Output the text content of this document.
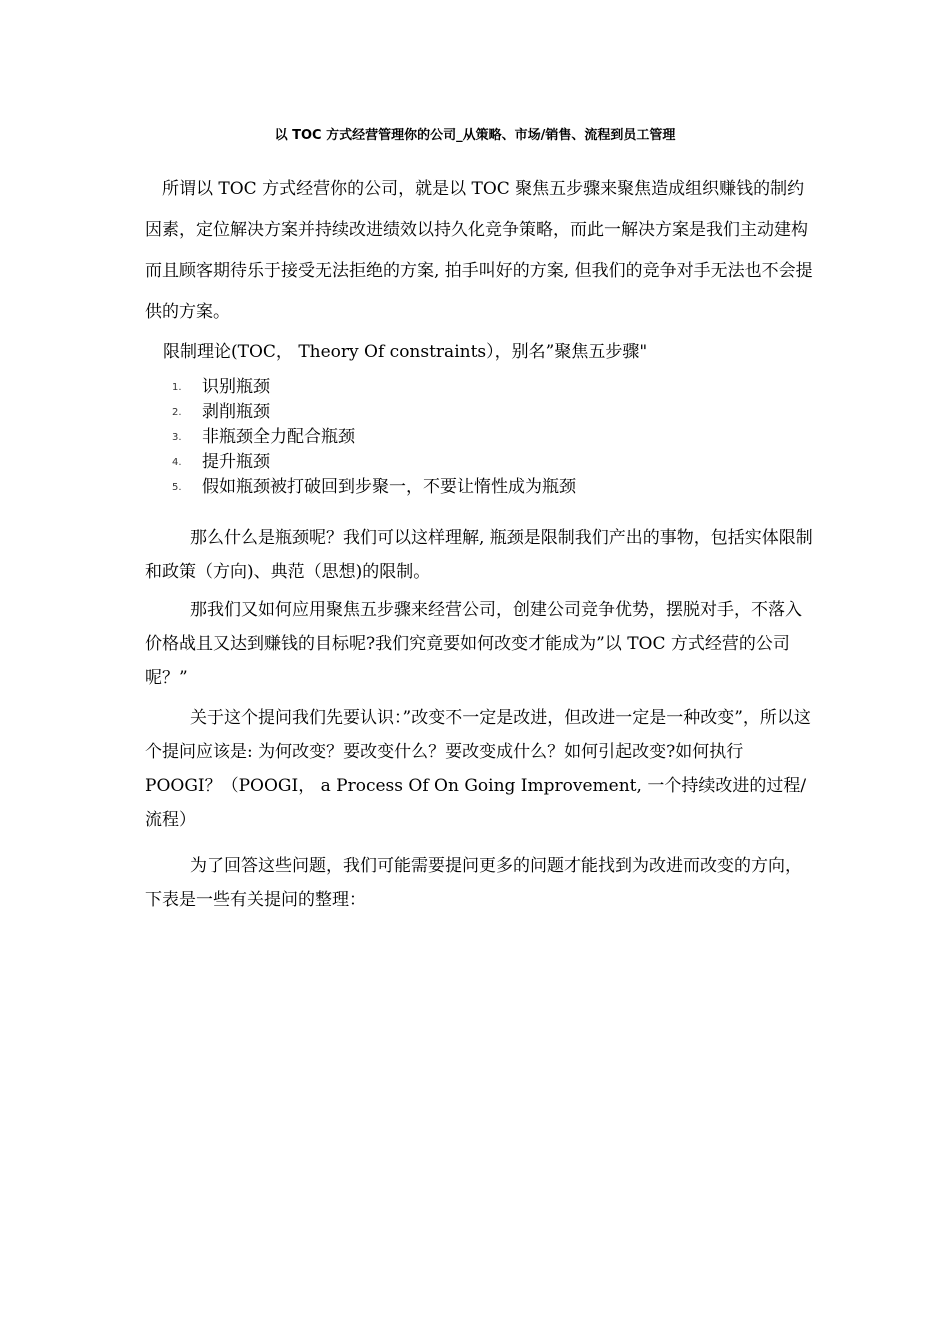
以 TOC 方式经营管理你的公司_从策略、市场/销售、流程到员工管理

所谓以 TOC 方式经营你的公司，就是以 TOC 聚焦五步骤来聚焦造成组织赚钱的制约因素，定位解决方案并持续改进绩效以持久化竞争策略，而此一解决方案是我们主动建构而且顾客期待乐于接受无法拒绝的方案, 拍手叫好的方案, 但我们的竞争对手无法也不会提供的方案。

限制理论(TOC， Theory Of constraints），别名”聚焦五步骤"

1.	识别瓶颈
2.	剥削瓶颈
3.	非瓶颈全力配合瓶颈
4.	提升瓶颈
5.	假如瓶颈被打破回到步聚一，不要让惰性成为瓶颈

那么什么是瓶颈呢？我们可以这样理解, 瓶颈是限制我们产出的事物，包括实体限制和政策（方向)、典范（思想)的限制。

那我们又如何应用聚焦五步骤来经营公司，创建公司竞争优势，摆脱对手，不落入价格战且又达到赚钱的目标呢?我们究竟要如何改变才能成为”以 TOC 方式经营的公司呢？”

关于这个提问我们先要认识：”改变不一定是改进，但改进一定是一种改变”，所以这个提问应该是: 为何改变？要改变什么？要改变成什么？如何引起改变?如何执行 POOGI？（POOGI， a Process Of On Going Improvement, 一个持续改进的过程/流程）

为了回答这些问题，我们可能需要提问更多的问题才能找到为改进而改变的方向，下表是一些有关提问的整理：
